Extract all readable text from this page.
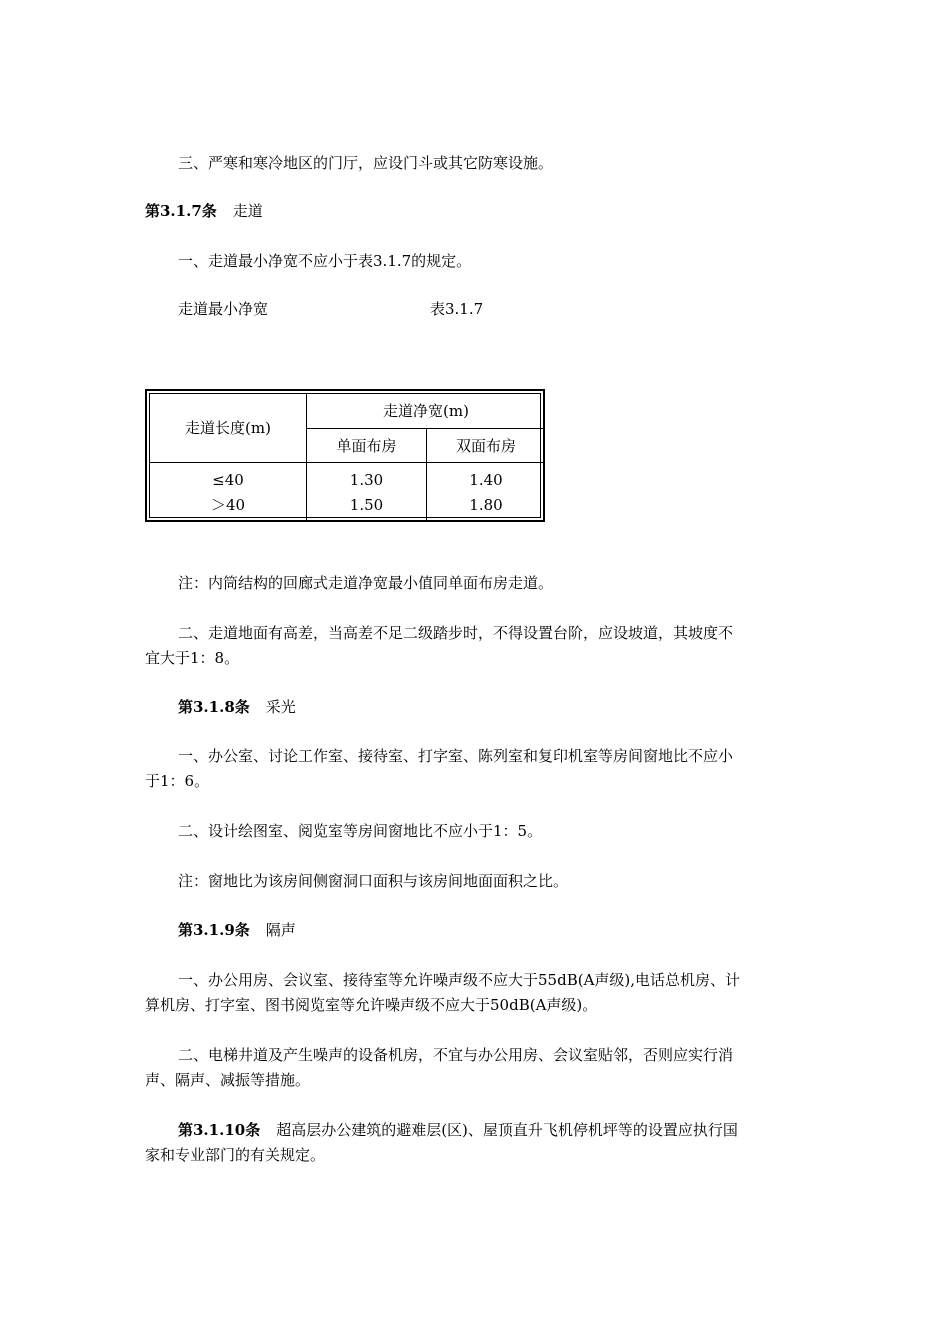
三、严寒和寒冷地区的门厅，应设门斗或其它防寒设施。
第3.1.7条 走道
一、走道最小净宽不应小于表3.1.7的规定。
走道最小净宽	表3.1.7
走道长度(m)
走道净宽(m)
单面布房	双面布房
≤40	1.30	1.40
＞40	1.50	1.80
注：内筒结构的回廊式走道净宽最小值同单面布房走道。
二、走道地面有高差，当高差不足二级踏步时，不得设置台阶，应设坡道，其坡度不
宜大于1：8。
第3.1.8条 采光
一、办公室、讨论工作室、接待室、打字室、陈列室和复印机室等房间窗地比不应小
于1：6。
二、设计绘图室、阅览室等房间窗地比不应小于1：5。
注：窗地比为该房间侧窗洞口面积与该房间地面面积之比。
第3.1.9条 隔声
一、办公用房、会议室、接待室等允许噪声级不应大于55dB(A声级),电话总机房、计
算机房、打字室、图书阅览室等允许噪声级不应大于50dB(A声级)。
二、电梯井道及产生噪声的设备机房，不宜与办公用房、会议室贴邻，否则应实行消
声、隔声、减振等措施。
第3.1.10条 超高层办公建筑的避难层(区)、屋顶直升飞机停机坪等的设置应执行国
家和专业部门的有关规定。
